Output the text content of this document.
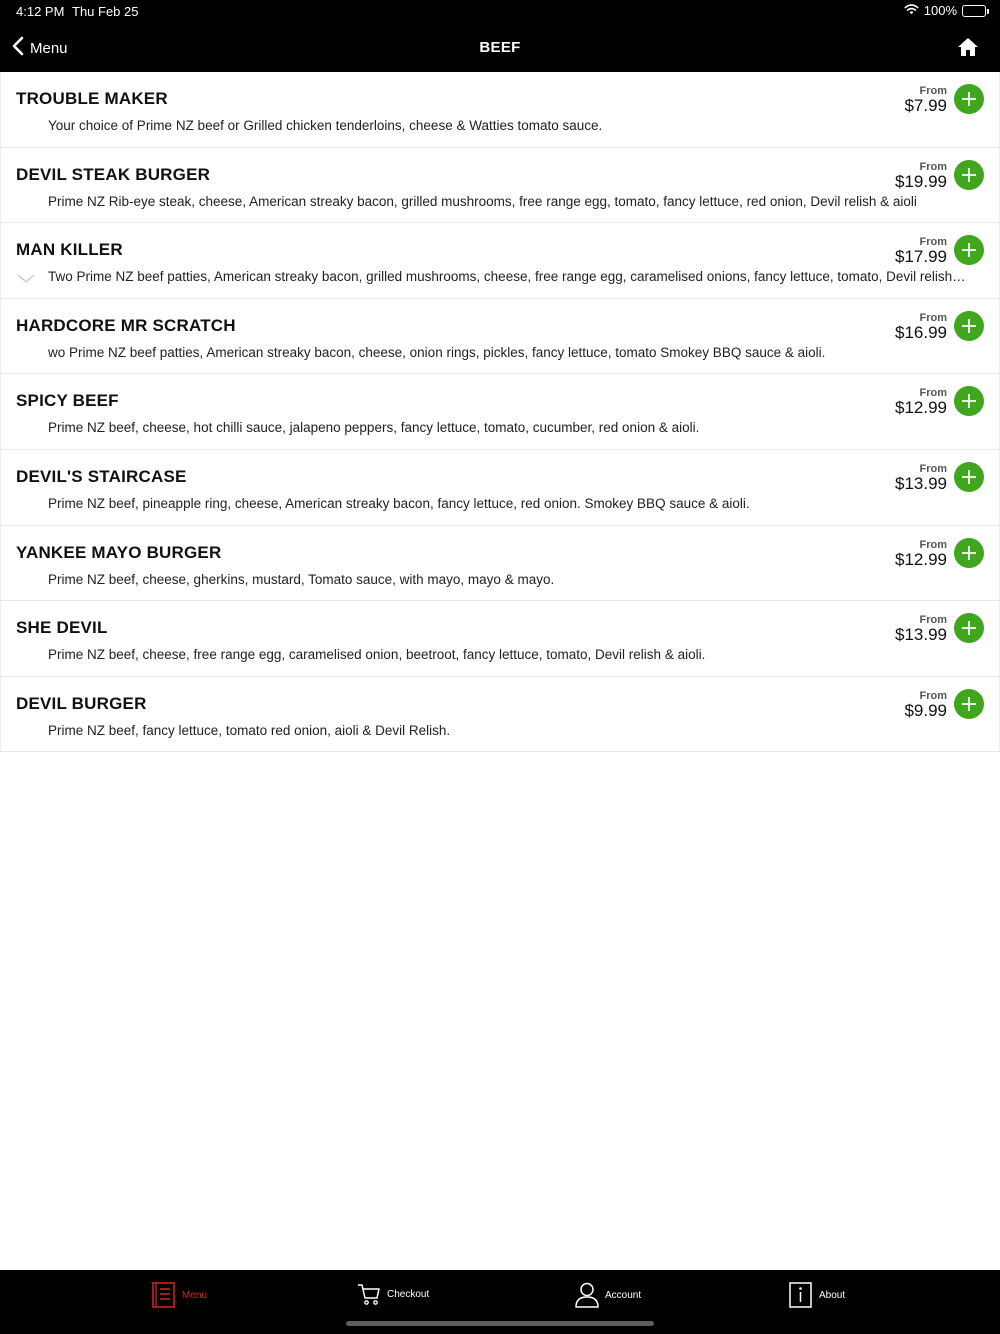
4:12 PM Thu Feb 25	100%
Menu	BEEF
TROUBLE MAKER
Your choice of Prime NZ beef or Grilled chicken tenderloins, cheese & Watties tomato sauce.
From
$7.99
DEVIL STEAK BURGER
Prime NZ Rib-eye steak, cheese, American streaky bacon, grilled mushrooms, free range egg, tomato, fancy lettuce, red onion, Devil relish & aioli
From
$19.99
MAN KILLER
Two Prime NZ beef patties, American streaky bacon, grilled mushrooms, cheese, free range egg, caramelised onions, fancy lettuce, tomato, Devil relish…
From
$17.99
HARDCORE MR SCRATCH
wo Prime NZ beef patties, American streaky bacon, cheese, onion rings, pickles, fancy lettuce, tomato Smokey BBQ sauce & aioli.
From
$16.99
SPICY BEEF
Prime NZ beef, cheese, hot chilli sauce, jalapeno peppers, fancy lettuce, tomato, cucumber, red onion & aioli.
From
$12.99
DEVIL'S STAIRCASE
Prime NZ beef, pineapple ring, cheese, American streaky bacon, fancy lettuce, red onion. Smokey BBQ sauce & aioli.
From
$13.99
YANKEE MAYO BURGER
Prime NZ beef, cheese, gherkins, mustard, Tomato sauce, with mayo, mayo & mayo.
From
$12.99
SHE DEVIL
Prime NZ beef, cheese, free range egg, caramelised onion, beetroot, fancy lettuce, tomato, Devil relish & aioli.
From
$13.99
DEVIL BURGER
Prime NZ beef, fancy lettuce, tomato red onion, aioli & Devil Relish.
From
$9.99
Menu	Checkout	Account	About
